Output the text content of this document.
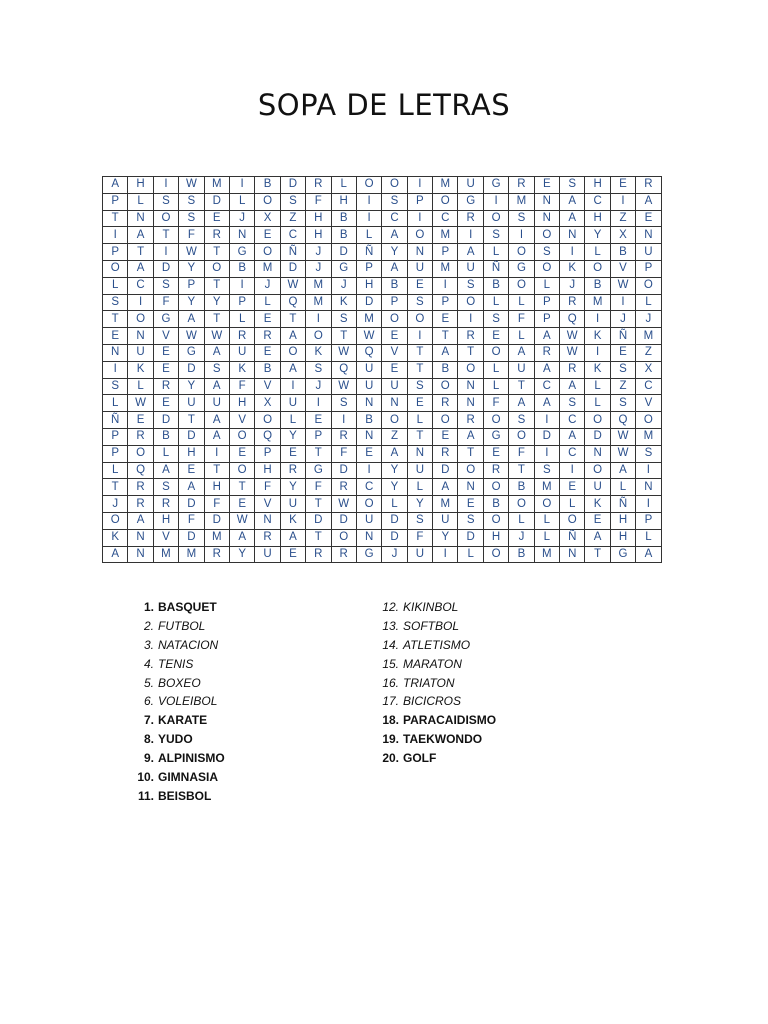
SOPA DE LETRAS
A	H	I	W	M	I	B	D	R	L	O	O	I	M	U	G	R	E	S	H	E	R
P	L	S	S	D	L	O	S	F	H	I	S	P	O	G	I	M	N	A	C	I	A
T	N	O	S	E	J	X	Z	H	B	I	C	I	C	R	O	S	N	A	H	Z	E
I	A	T	F	R	N	E	C	H	B	L	A	O	M	I	S	I	O	N	Y	X	N
P	T	I	W	T	G	O	Ñ	J	D	Ñ	Y	N	P	A	L	O	S	I	L	B	U
O	A	D	Y	O	B	M	D	J	G	P	A	U	M	U	Ñ	G	O	K	O	V	P
L	C	S	P	T	I	J	W	M	J	H	B	E	I	S	B	O	L	J	B	W	O
S	I	F	Y	Y	P	L	Q	M	K	D	P	S	P	O	L	L	P	R	M	I	L
T	O	G	A	T	L	E	T	I	S	M	O	O	E	I	S	F	P	Q	I	J	J
E	N	V	W	W	R	R	A	O	T	W	E	I	T	R	E	L	A	W	K	Ñ	M
N	U	E	G	A	U	E	O	K	W	Q	V	T	A	T	O	A	R	W	I	E	Z
I	K	E	D	S	K	B	A	S	Q	U	E	T	B	O	L	U	A	R	K	S	X
S	L	R	Y	A	F	V	I	J	W	U	U	S	O	N	L	T	C	A	L	Z	C
L	W	E	U	U	H	X	U	I	S	N	N	E	R	N	F	A	A	S	L	S	V
Ñ	E	D	T	A	V	O	L	E	I	B	O	L	O	R	O	S	I	C	O	Q	O
P	R	B	D	A	O	Q	Y	P	R	N	Z	T	E	A	G	O	D	A	D	W	M
P	O	L	H	I	E	P	E	T	F	E	A	N	R	T	E	F	I	C	N	W	S
L	Q	A	E	T	O	H	R	G	D	I	Y	U	D	O	R	T	S	I	O	A	I
T	R	S	A	H	T	F	Y	F	R	C	Y	L	A	N	O	B	M	E	U	L	N
J	R	R	D	F	E	V	U	T	W	O	L	Y	M	E	B	O	O	L	K	Ñ	I
O	A	H	F	D	W	N	K	D	D	U	D	S	U	S	O	L	L	O	E	H	P
K	N	V	D	M	A	R	A	T	O	N	D	F	Y	D	H	J	L	Ñ	A	H	L
A	N	M	M	R	Y	U	E	R	R	G	J	U	I	L	O	B	M	N	T	G	A
1. BASQUET
2. FUTBOL
3. NATACION
4. TENIS
5. BOXEO
6. VOLEIBOL
7. KARATE
8. YUDO
9. ALPINISMO
10. GIMNASIA
11. BEISBOL
12. KIKINBOL
13. SOFTBOL
14. ATLETISMO
15. MARATON
16. TRIATON
17. BICICROS
18. PARACAIDISMO
19. TAEKWONDO
20. GOLF
